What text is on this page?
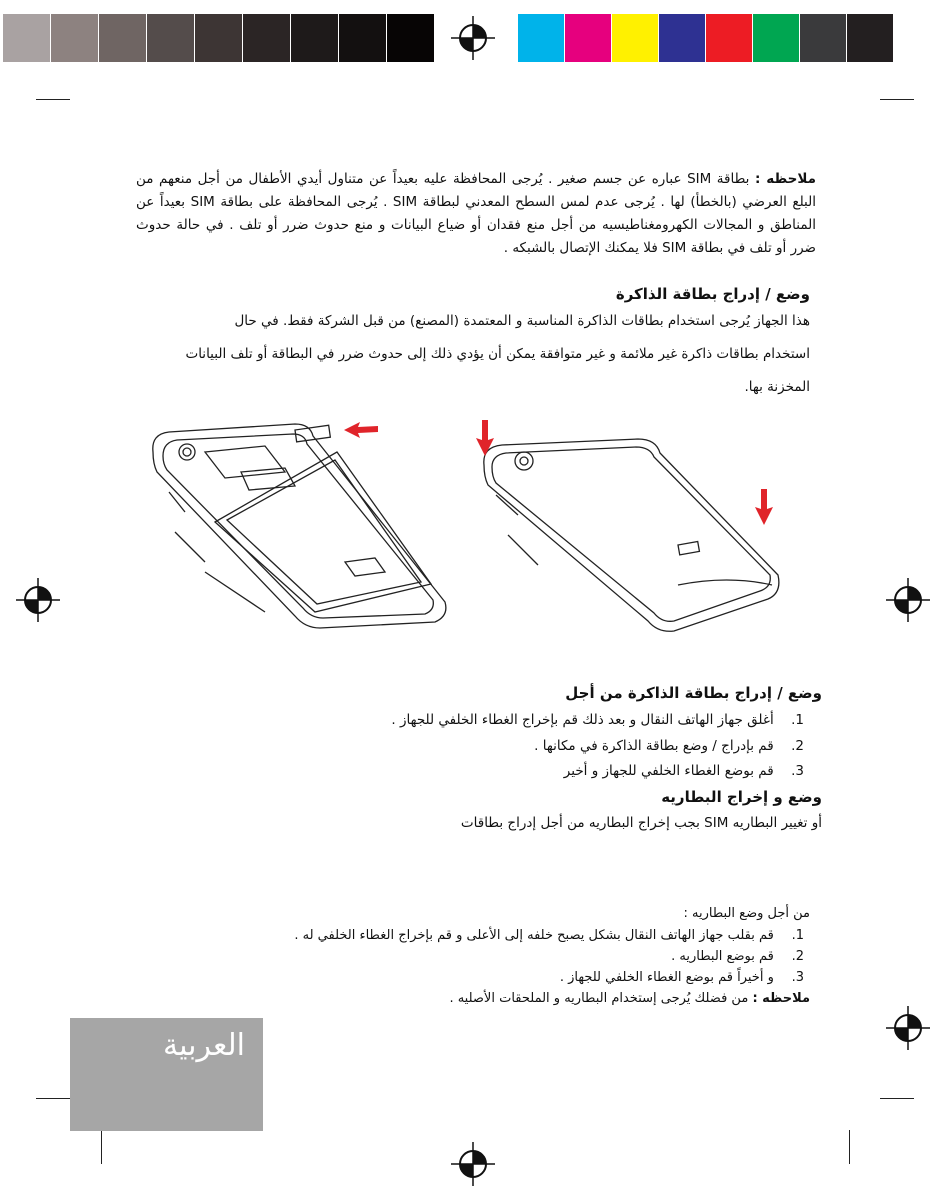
ملاحظه : بطاقة SIM عباره عن جسم صغير . يُرجى المحافظة عليه بعيداً عن متناول أيدي الأطفال من أجل منعهم من البلع العرضي (بالخطأ) لها . يُرجى عدم لمس السطح المعدني لبطاقة SIM . يُرجى المحافظة على بطاقة SIM بعيداً عن المناطق و المجالات الكهرومغناطيسيه من أجل منع فقدان أو ضياع البيانات و منع حدوث ضرر أو تلف . في حالة حدوث ضرر أو تلف في بطاقة SIM فلا يمكنك الإتصال بالشبكه .
وضع / إدراج بطاقة الذاكرة
هذا الجهاز يُرجى استخدام بطاقات الذاكرة المناسبة و المعتمدة (المصنع) من قبل الشركة فقط. في حال
استخدام بطاقات ذاكرة غير ملائمة و غير متوافقة يمكن أن يؤدي ذلك إلى حدوث ضرر في البطاقة أو تلف البيانات
المخزنة بها.
وضع / إدراج بطاقة الذاكرة من أجل
1. أغلق جهاز الهاتف النقال و بعد ذلك قم بإخراج الغطاء الخلفي للجهاز .
2. قم بإدراج / وضع بطاقة الذاكرة في مكانها .
3. قم بوضع الغطاء الخلفي للجهاز و أخير
وضع و إخراج البطاريه
أو تغيير البطاريه SIM بجب إخراج البطاريه من أجل إدراج بطاقات
من أجل وضع البطاريه :
1. قم بقلب جهاز الهاتف النقال بشكل يصبح خلفه إلى الأعلى و قم بإخراج الغطاء الخلفي له .
2. قم بوضع البطاريه .
3. و أخيراً قم بوضع الغطاء الخلفي للجهاز .
ملاحظه : من فضلك يُرجى إستخدام البطاريه و الملحقات الأصليه .
العربية
